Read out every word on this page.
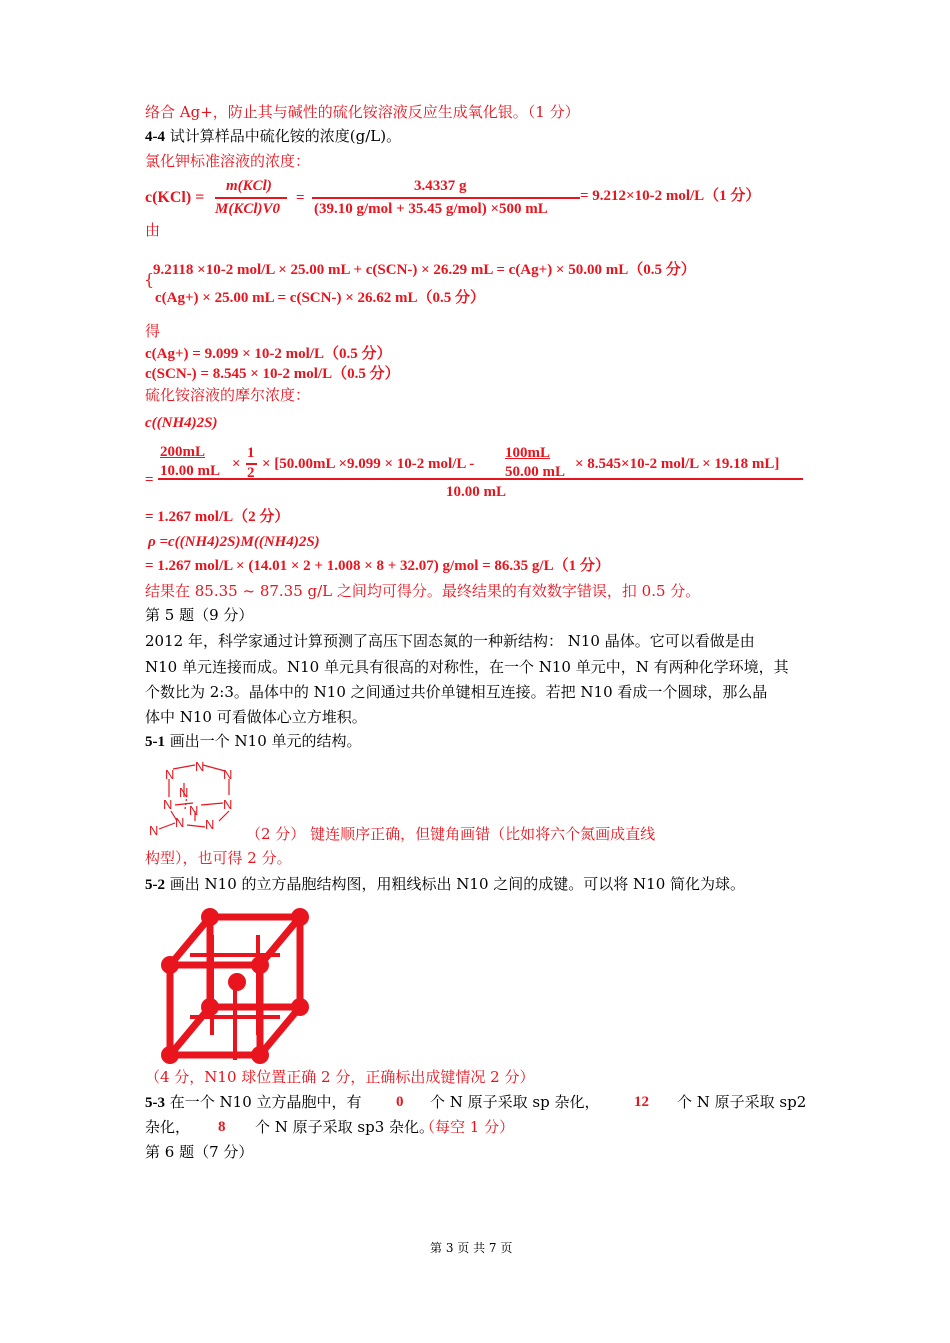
络合 Ag+，防止其与碱性的硫化铵溶液反应生成氧化银。（1 分）
4-4 试计算样品中硫化铵的浓度(g/L)。
氯化钾标准溶液的浓度：
c(KCl) =
m(KCl)
M(KCl)V0
=
3.4337 g
(39.10 g/mol + 35.45 g/mol) ×500 mL
= 9.212×10-2 mol/L（1 分）
由
{
9.2118 ×10-2 mol/L × 25.00 mL + c(SCN-) × 26.29 mL = c(Ag+) × 50.00 mL（0.5 分）
c(Ag+) × 25.00 mL = c(SCN-) × 26.62 mL（0.5 分）
得
c(Ag+) = 9.099 × 10-2 mol/L（0.5 分）
c(SCN-) = 8.545 × 10-2 mol/L（0.5 分）
硫化铵溶液的摩尔浓度：
c((NH4)2S)
=
200mL
10.00 mL ×
1
2
× [50.00mL ×9.099 × 10-2 mol/L -
100mL
50.00 mL × 8.545×10-2 mol/L × 19.18 mL]
10.00 mL
= 1.267 mol/L（2 分）
ρ =c((NH4)2S)M((NH4)2S)
= 1.267 mol/L × (14.01 × 2 + 1.008 × 8 + 32.07) g/mol = 86.35 g/L（1 分）
结果在 85.35 ~ 87.35 g/L 之间均可得分。最终结果的有效数字错误，扣 0.5 分。
第 5 题（9 分）
2012 年，科学家通过计算预测了高压下固态氮的一种新结构： N10 晶体。它可以看做是由
N10 单元连接而成。N10 单元具有很高的对称性，在一个 N10 单元中，N 有两种化学环境，其
个数比为 2:3。晶体中的 N10 之间通过共价单键相互连接。若把 N10 看成一个圆球，那么晶
体中 N10 可看做体心立方堆积。
5-1 画出一个 N10 单元的结构。
N
N
N
N
N N N
N N
N	（2 分） 键连顺序正确，但键角画错（比如将六个氮画成直线
构型），也可得 2 分。
5-2 画出 N10 的立方晶胞结构图，用粗线标出 N10 之间的成键。可以将 N10 简化为球。
（4 分，N10 球位置正确 2 分，正确标出成键情况 2 分）
5-3 在一个 N10 立方晶胞中，有 0 个 N 原子采取 sp 杂化， 12 个 N 原子采取 sp2
杂化， 8 个 N 原子采取 sp3 杂化。
（每空 1 分）
第 6 题（7 分）
第 3 页 共 7 页
